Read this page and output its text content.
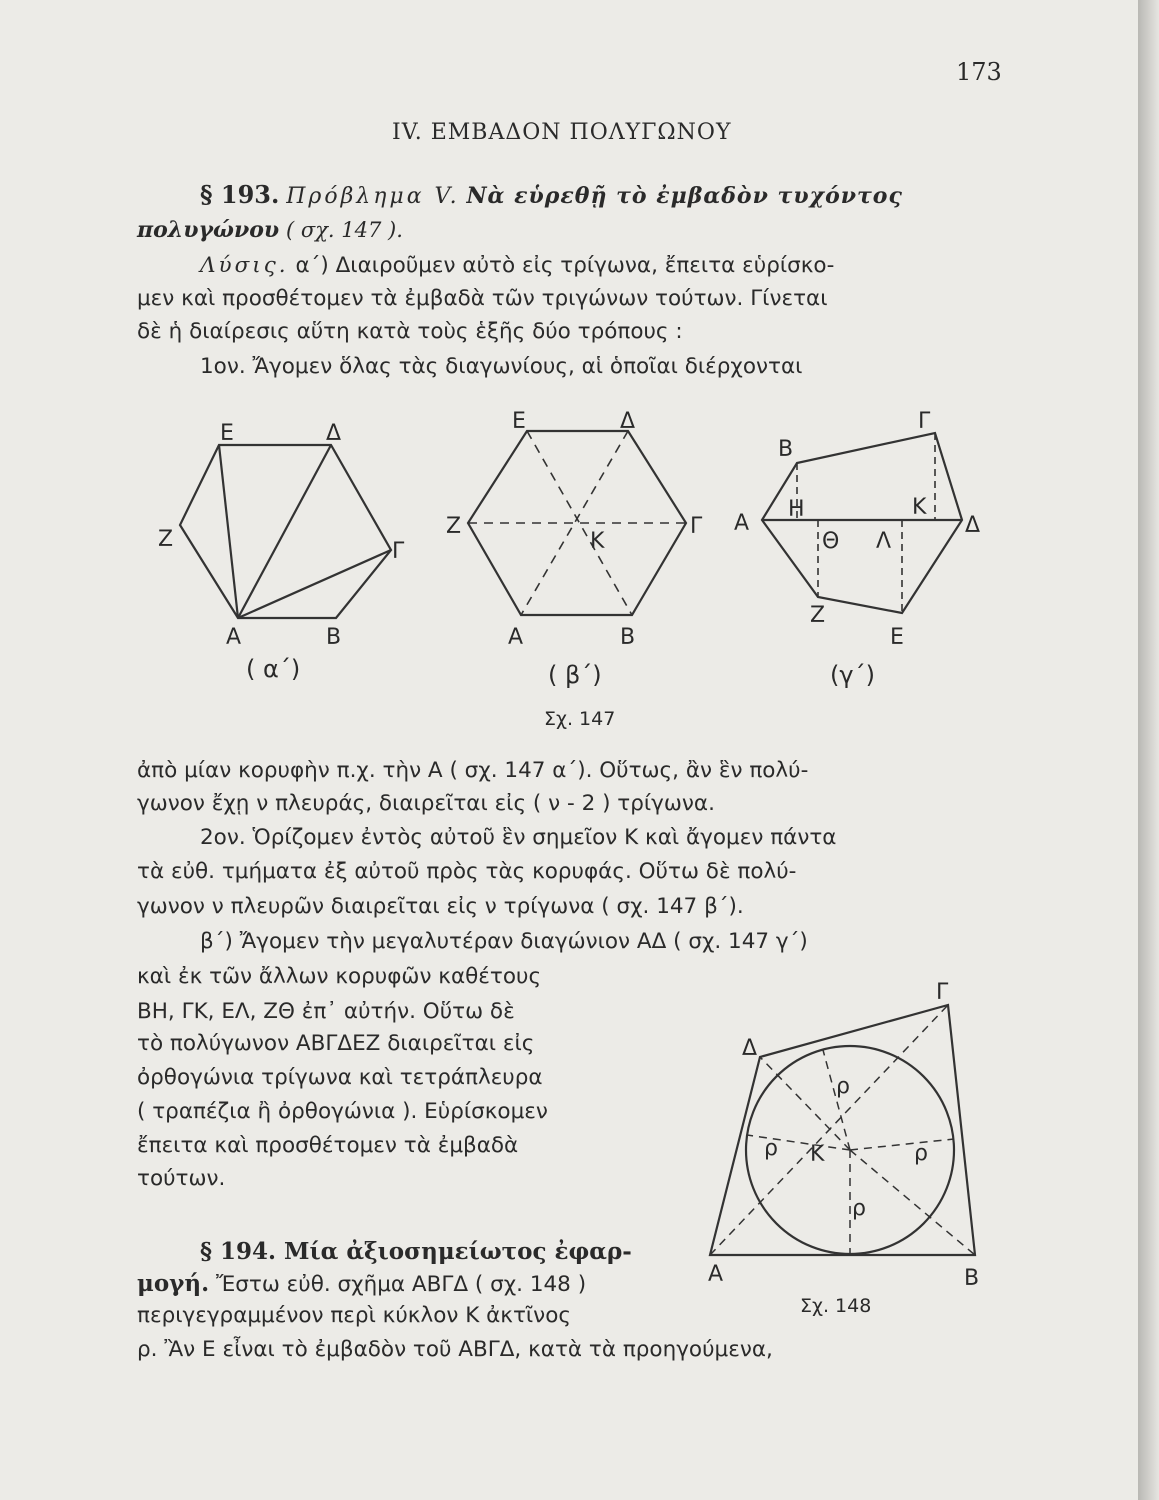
173
IV. ΕΜΒΑΔΟΝ ΠΟΛΥΓΩΝΟΥ
§ 193. Πρόβλημα V. Νὰ εὑρεθῇ τὸ ἐμβαδὸν τυχόντος
πολυγώνου ( σχ. 147 ).
Λύσις. α΄) Διαιροῦμεν αὐτὸ εἰς τρίγωνα, ἔπειτα εὑρίσκο-
μεν καὶ προσθέτομεν τὰ ἐμβαδὰ τῶν τριγώνων τούτων. Γίνεται
δὲ ἡ διαίρεσις αὕτη κατὰ τοὺς ἑξῆς δύο τρόπους :
1ον. Ἄγομεν ὅλας τὰς διαγωνίους, αἱ ὁποῖαι διέρχονται
Ε	Δ
Ζ	Γ
Α	Β
( α΄)
Ε	Δ
Ζ	Γ
Κ
Α	Β
( β΄)
Β
Γ
Α	Δ
Η	Κ
Θ Λ
Ζ
Ε
(γ΄)
Σχ. 147
ἀπὸ μίαν κορυφὴν π.χ. τὴν Α ( σχ. 147 α΄). Οὕτως, ἂν ἓν πολύ-
γωνον ἔχῃ ν πλευράς, διαιρεῖται εἰς ( ν - 2 ) τρίγωνα.
2ον. Ὁρίζομεν ἐντὸς αὐτοῦ ἓν σημεῖον Κ καὶ ἄγομεν πάντα
τὰ εὐθ. τμήματα ἐξ αὐτοῦ πρὸς τὰς κορυφάς. Οὕτω δὲ πολύ-
γωνον ν πλευρῶν διαιρεῖται εἰς ν τρίγωνα ( σχ. 147 β΄).
β΄) Ἄγομεν τὴν μεγαλυτέραν διαγώνιον ΑΔ ( σχ. 147 γ΄)
καὶ ἐκ τῶν ἄλλων κορυφῶν καθέτους
ΒΗ, ΓΚ, ΕΛ, ΖΘ ἐπ᾽ αὐτήν. Οὕτω δὲ
τὸ πολύγωνον ΑΒΓΔΕΖ διαιρεῖται εἰς
ὀρθογώνια τρίγωνα καὶ τετράπλευρα
( τραπέζια ἢ ὀρθογώνια ). Εὑρίσκομεν
ἔπειτα καὶ προσθέτομεν τὰ ἐμβαδὰ
τούτων.
§ 194. Μία ἀξιοσημείωτος ἐφαρ-
μογή. Ἔστω εὐθ. σχῆμα ΑΒΓΔ ( σχ. 148 )
περιγεγραμμένον περὶ κύκλον Κ ἀκτῖνος
ρ. Ἂν Ε εἶναι τὸ ἐμβαδὸν τοῦ ΑΒΓΔ, κατὰ τὰ προηγούμενα,
Γ
Δ
Κ
Α	Β
ρ
ρ	ρ
ρ
Σχ. 148
